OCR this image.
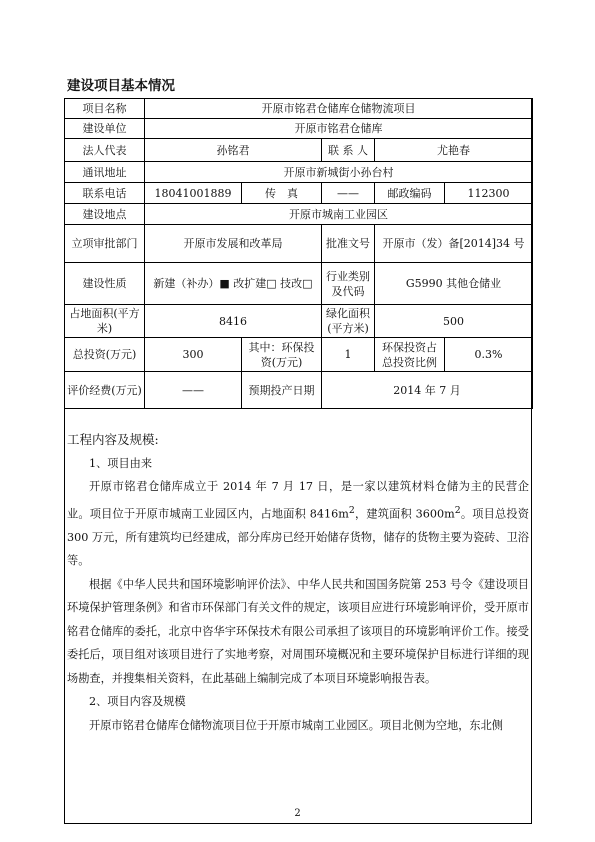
建设项目基本情况
项目名称	开原市铭君仓储库仓储物流项目				
建设单位	开原市铭君仓储库				
法人代表	孙铭君		联 系 人	尤艳春	
通讯地址	开原市新城街小孙台村				
联系电话	18041001889	传　真	——	邮政编码	112300
建设地点	开原市城南工业园区				
立项审批部门	开原市发展和改革局		批准文号	开原市（发）备[2014]34 号	
建设性质	新建（补办）■ 改扩建□ 技改□		行业类别及代码	G5990 其他仓储业	
占地面积(平方米)	8416		绿化面积(平方米)	500	
总投资(万元)	300	其中：环保投资(万元)	1	环保投资占总投资比例	0.3%
评价经费(万元)	——	预期投产日期	2014 年 7 月		

工程内容及规模:

1、项目由来

开原市铭君仓储库成立于 2014 年 7 月 17 日，是一家以建筑材料仓储为主的民营企业。项目位于开原市城南工业园区内，占地面积 $8416m^2$，建筑面积 $3600m^2$。项目总投资 300 万元，所有建筑均已经建成，部分库房已经开始储存货物，储存的货物主要为瓷砖、卫浴等。

根据《中华人民共和国环境影响评价法》、中华人民共和国国务院第 253 号令《建设项目环境保护管理条例》和省市环保部门有关文件的规定，该项目应进行环境影响评价，受开原市铭君仓储库的委托，北京中咨华宇环保技术有限公司承担了该项目的环境影响评价工作。接受委托后，项目组对该项目进行了实地考察，对周围环境概况和主要环境保护目标进行详细的现场勘查，并搜集相关资料，在此基础上编制完成了本项目环境影响报告表。

2、项目内容及规模

开原市铭君仓储库仓储物流项目位于开原市城南工业园区。项目北侧为空地，东北侧

2
